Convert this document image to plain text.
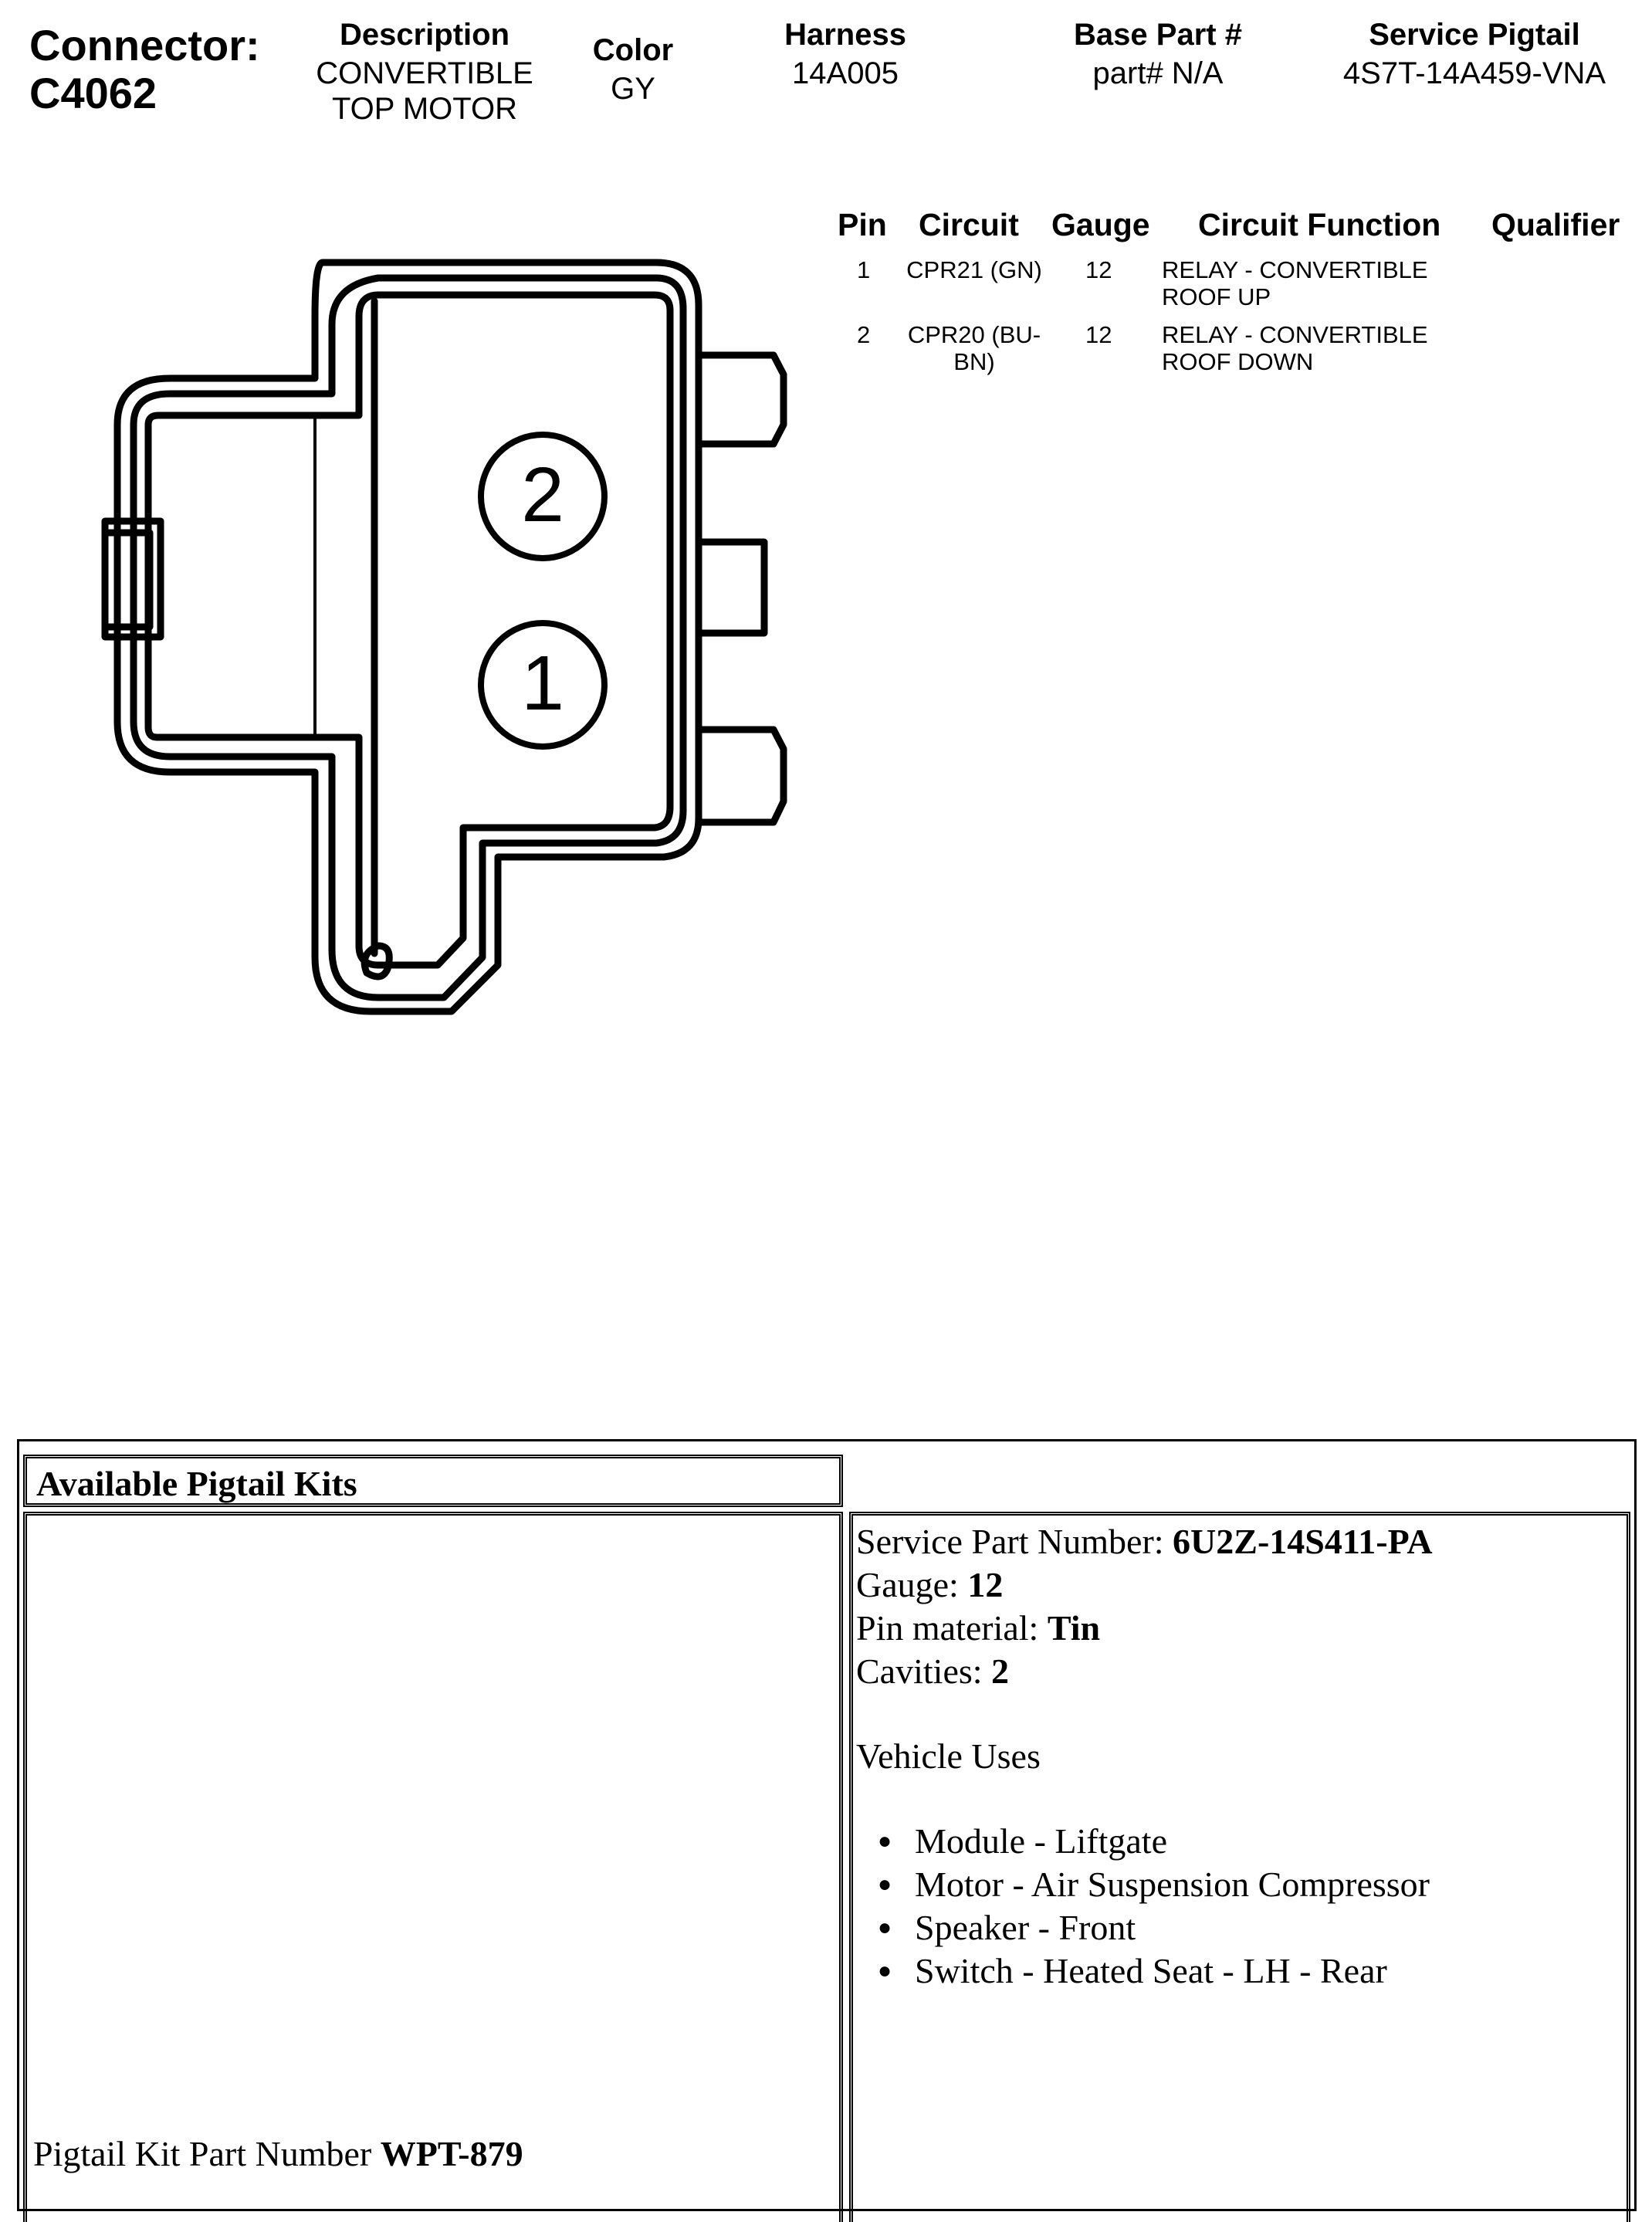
Connector:
C4062
Description
CONVERTIBLE
TOP MOTOR
Color
GY
Harness
14A005
Base Part #
part# N/A
Service Pigtail
4S7T-14A459-VNA
2
1
Pin Circuit Gauge Circuit Function Qualifier
1 CPR21 (GN) 12 RELAY - CONVERTIBLE
ROOF UP
2	CPR20 (BU-
BN)
12 RELAY - CONVERTIBLE
ROOF DOWN
Available Pigtail Kits
Pigtail Kit Part Number WPT-879
Service Part Number: 6U2Z-14S411-PA
Gauge: 12
Pin material: Tin
Cavities: 2
Vehicle Uses
● Module - Liftgate
● Motor - Air Suspension Compressor
● Speaker - Front
● Switch - Heated Seat - LH - Rear
